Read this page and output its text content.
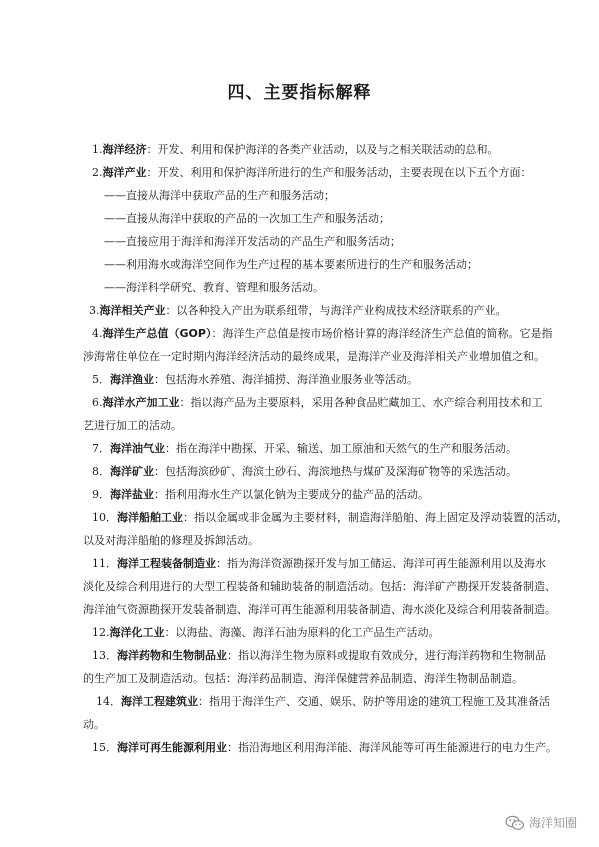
四、主要指标解释
1.海洋经济：开发、利用和保护海洋的各类产业活动，以及与之相关联活动的总和。
2.海洋产业：开发、利用和保护海洋所进行的生产和服务活动，主要表现在以下五个方面：
——直接从海洋中获取产品的生产和服务活动；
——直接从海洋中获取的产品的一次加工生产和服务活动；
——直接应用于海洋和海洋开发活动的产品生产和服务活动；
——利用海水或海洋空间作为生产过程的基本要素所进行的生产和服务活动；
——海洋科学研究、教育、管理和服务活动。
3.海洋相关产业：以各种投入产出为联系纽带，与海洋产业构成技术经济联系的产业。
4.海洋生产总值（GOP）：海洋生产总值是按市场价格计算的海洋经济生产总值的简称。它是指
涉海常住单位在一定时期内海洋经济活动的最终成果，是海洋产业及海洋相关产业增加值之和。
5．海洋渔业：包括海水养殖、海洋捕捞、海洋渔业服务业等活动。
6.海洋水产加工业：指以海产品为主要原料，采用各种食品贮藏加工、水产综合利用技术和工
艺进行加工的活动。
7．海洋油气业：指在海洋中勘探、开采、输送、加工原油和天然气的生产和服务活动。
8．海洋矿业：包括海滨砂矿、海滨土砂石、海滨地热与煤矿及深海矿物等的采选活动。
9．海洋盐业：指利用海水生产以氯化钠为主要成分的盐产品的活动。
10．海洋船舶工业：指以金属或非金属为主要材料，制造海洋船舶、海上固定及浮动装置的活动，
以及对海洋船舶的修理及拆卸活动。
11．海洋工程装备制造业：指为海洋资源勘探开发与加工储运、海洋可再生能源利用以及海水
淡化及综合利用进行的大型工程装备和辅助装备的制造活动。包括：海洋矿产勘探开发装备制造、
海洋油气资源勘探开发装备制造、海洋可再生能源利用装备制造、海水淡化及综合利用装备制造。
12.海洋化工业：以海盐、海藻、海洋石油为原料的化工产品生产活动。
13．海洋药物和生物制品业：指以海洋生物为原料或提取有效成分，进行海洋药物和生物制品
的生产加工及制造活动。包括：海洋药品制造、海洋保健营养品制造、海洋生物制品制造。
14．海洋工程建筑业：指用于海洋生产、交通、娱乐、防护等用途的建筑工程施工及其准备活
动。
15．海洋可再生能源利用业：指沿海地区利用海洋能、海洋风能等可再生能源进行的电力生产。
海洋知圈
